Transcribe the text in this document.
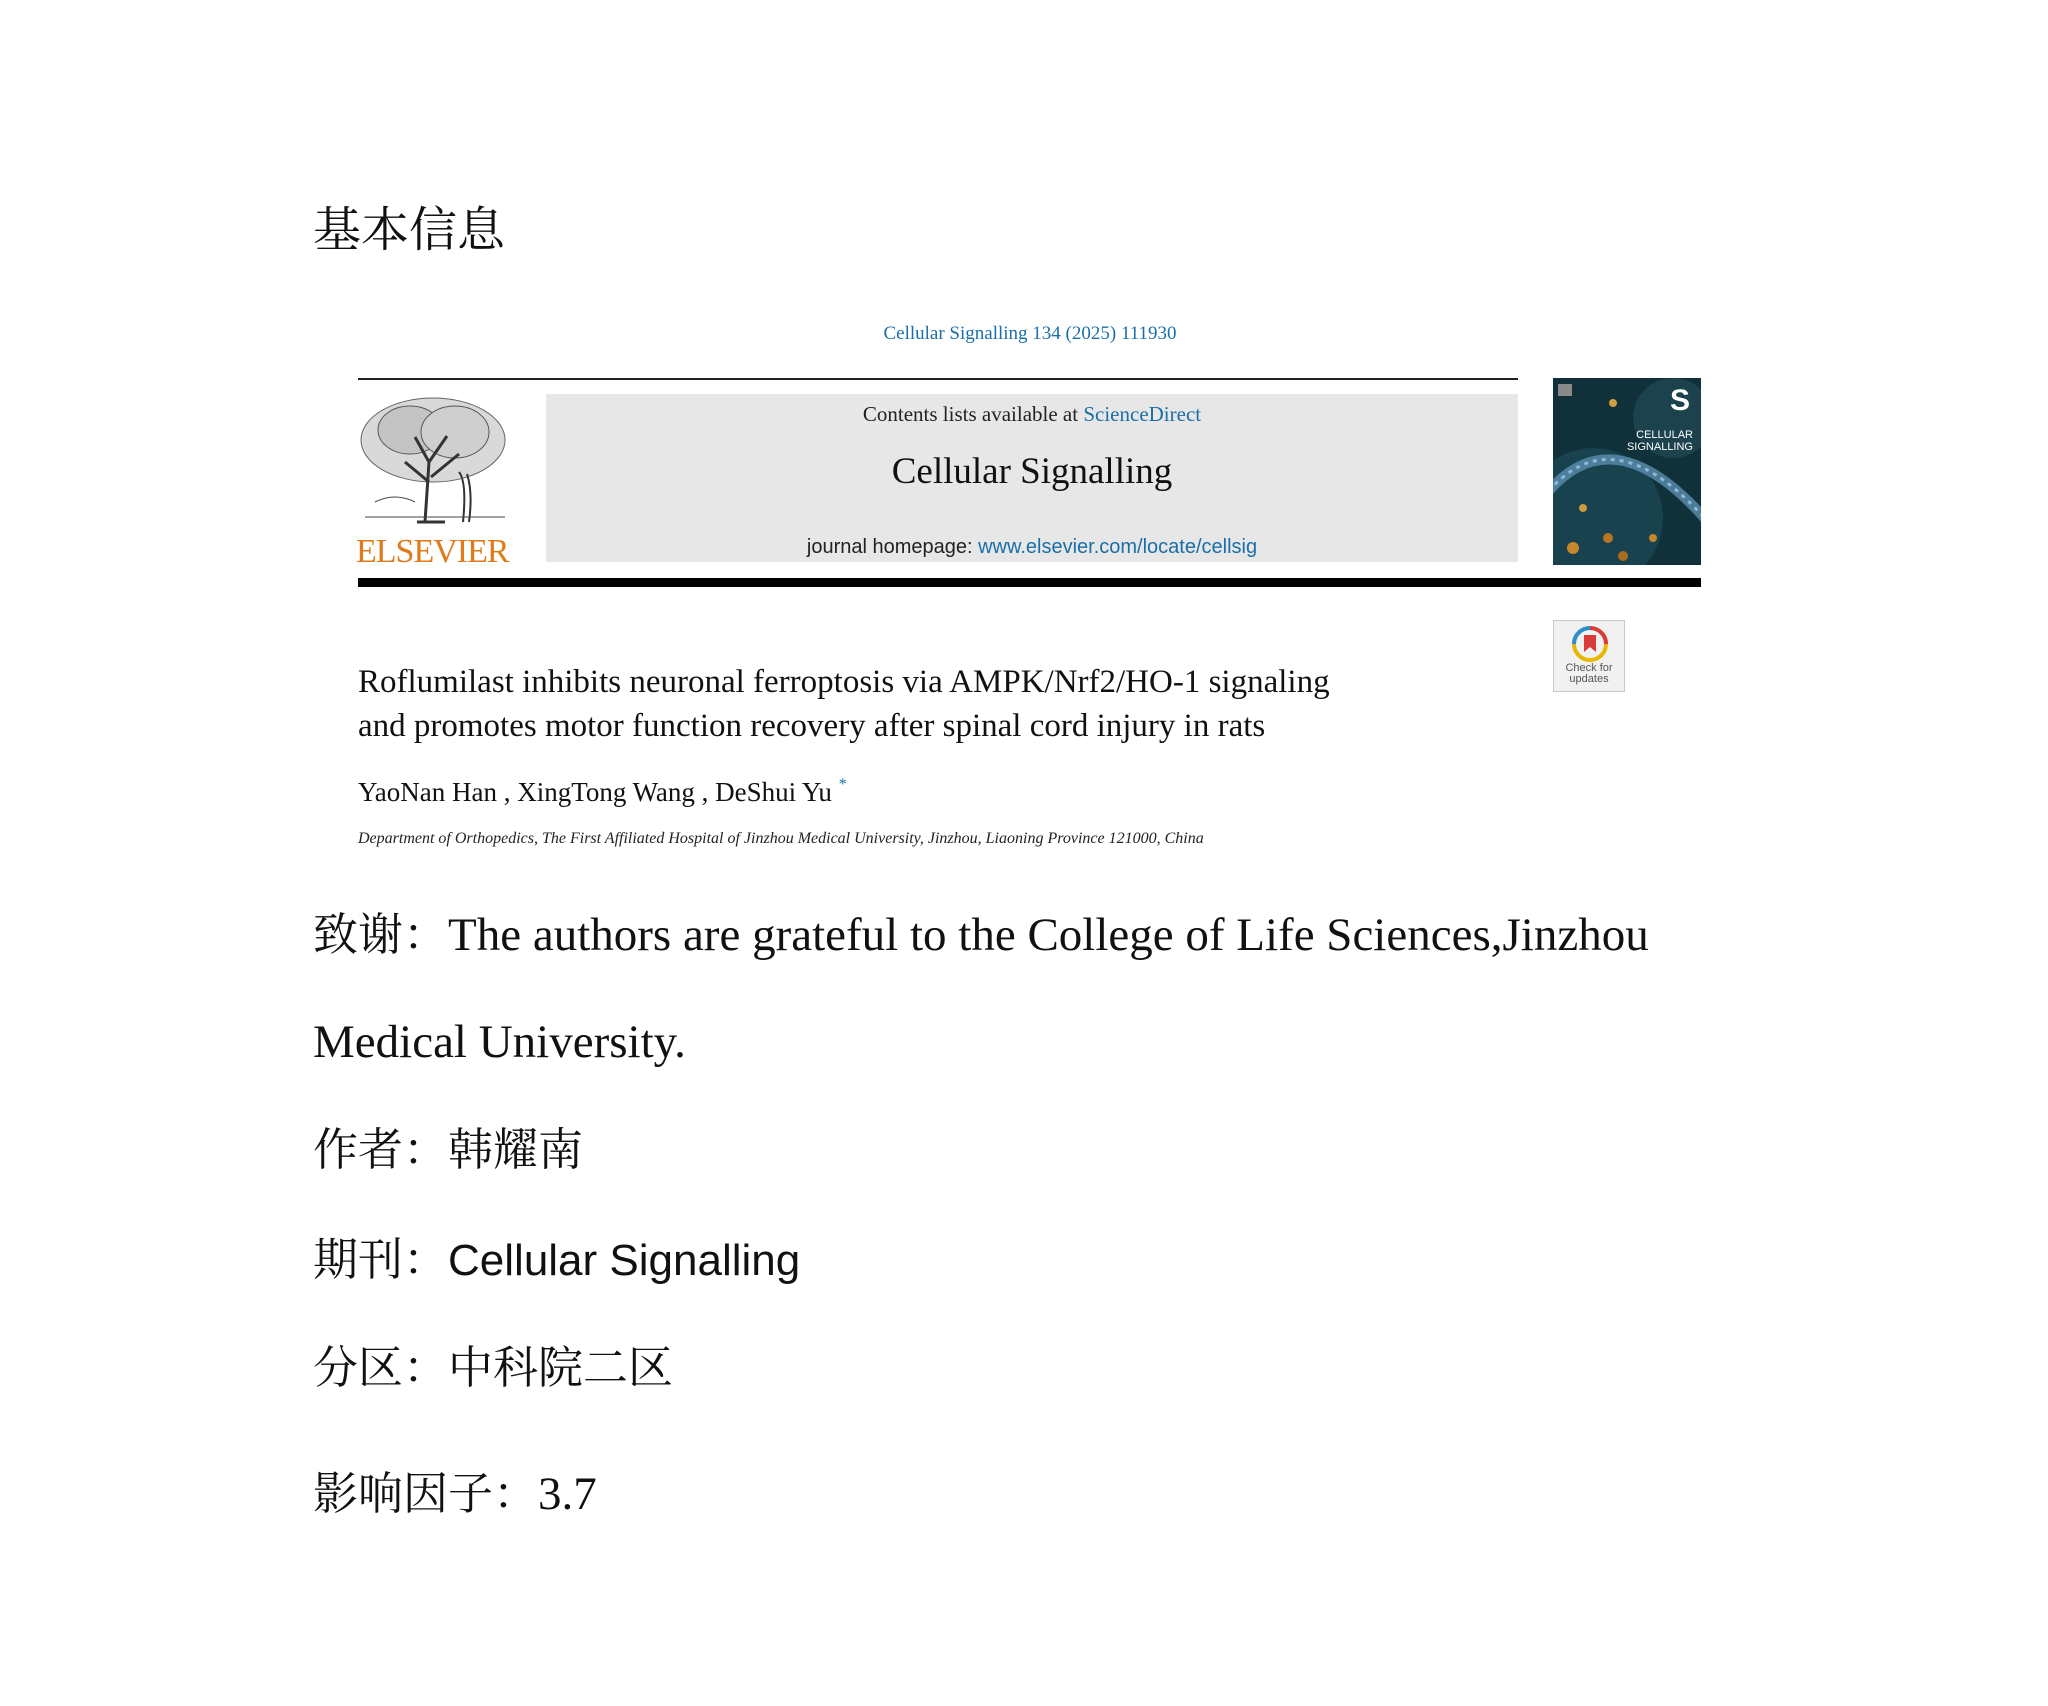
基本信息
Cellular Signalling 134 (2025) 111930
ELSEVIER
Contents lists available at ScienceDirect
Cellular Signalling
journal homepage: www.elsevier.com/locate/cellsig
S
CELLULAR
SIGNALLING
Check for
updates
Roflumilast inhibits neuronal ferroptosis via AMPK/Nrf2/HO-1 signaling
and promotes motor function recovery after spinal cord injury in rats
YaoNan Han , XingTong Wang , DeShui Yu *
Department of Orthopedics, The First Affiliated Hospital of Jinzhou Medical University, Jinzhou, Liaoning Province 121000, China
致谢：The authors are grateful to the College of Life Sciences,Jinzhou
Medical University.
作者：韩耀南
期刊：Cellular Signalling
分区：中科院二区
影响因子：3.7
